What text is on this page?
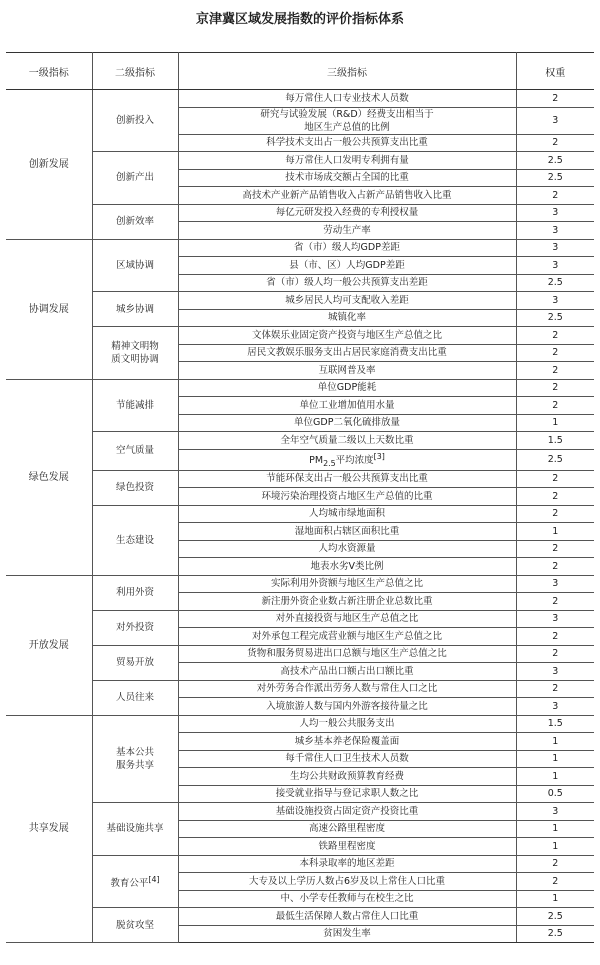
京津冀区域发展指数的评价指标体系
一级指标	二级指标	三级指标	权重
创新发展	创新投入	每万常住人口专业技术人员数	2
		研究与试验发展（R&D）经费支出相当于
地区生产总值的比例	3
		科学技术支出占一般公共预算支出比重	2
	创新产出	每万常住人口发明专利拥有量	2.5
		技术市场成交额占全国的比重	2.5
		高技术产业新产品销售收入占新产品销售收入比重	2
	创新效率	每亿元研发投入经费的专利授权量	3
		劳动生产率	3
协调发展	区域协调	省（市）级人均GDP差距	3
		县（市、区）人均GDP差距	3
		省（市）级人均一般公共预算支出差距	2.5
	城乡协调	城乡居民人均可支配收入差距	3
		城镇化率	2.5
	精神文明物
质文明协调	文体娱乐业固定资产投资与地区生产总值之比	2
		居民文教娱乐服务支出占居民家庭消费支出比重	2
		互联网普及率	2
绿色发展	节能减排	单位GDP能耗	2
		单位工业增加值用水量	2
		单位GDP二氧化硫排放量	1
	空气质量	全年空气质量二级以上天数比重	1.5
		$PM_{2.5}$平均浓度[3]	2.5
	绿色投资	节能环保支出占一般公共预算支出比重	2
		环境污染治理投资占地区生产总值的比重	2
	生态建设	人均城市绿地面积	2
		湿地面积占辖区面积比重	1
		人均水资源量	2
		地表水劣Ⅴ类比例	2
开放发展	利用外资	实际利用外资额与地区生产总值之比	3
		新注册外资企业数占新注册企业总数比重	2
	对外投资	对外直接投资与地区生产总值之比	3
		对外承包工程完成营业额与地区生产总值之比	2
	贸易开放	货物和服务贸易进出口总额与地区生产总值之比	2
		高技术产品出口额占出口额比重	3
	人员往来	对外劳务合作派出劳务人数与常住人口之比	2
		入境旅游人数与国内外游客接待量之比	3
共享发展	基本公共
服务共享	人均一般公共服务支出	1.5
		城乡基本养老保险覆盖面	1
		每千常住人口卫生技术人员数	1
		生均公共财政预算教育经费	1
		接受就业指导与登记求职人数之比	0.5
	基础设施共享	基础设施投资占固定资产投资比重	3
		高速公路里程密度	1
		铁路里程密度	1
	教育公平[4]	本科录取率的地区差距	2
		大专及以上学历人数占6岁及以上常住人口比重	2
		中、小学专任教师与在校生之比	1
	脱贫攻坚	最低生活保障人数占常住人口比重	2.5
		贫困发生率	2.5
